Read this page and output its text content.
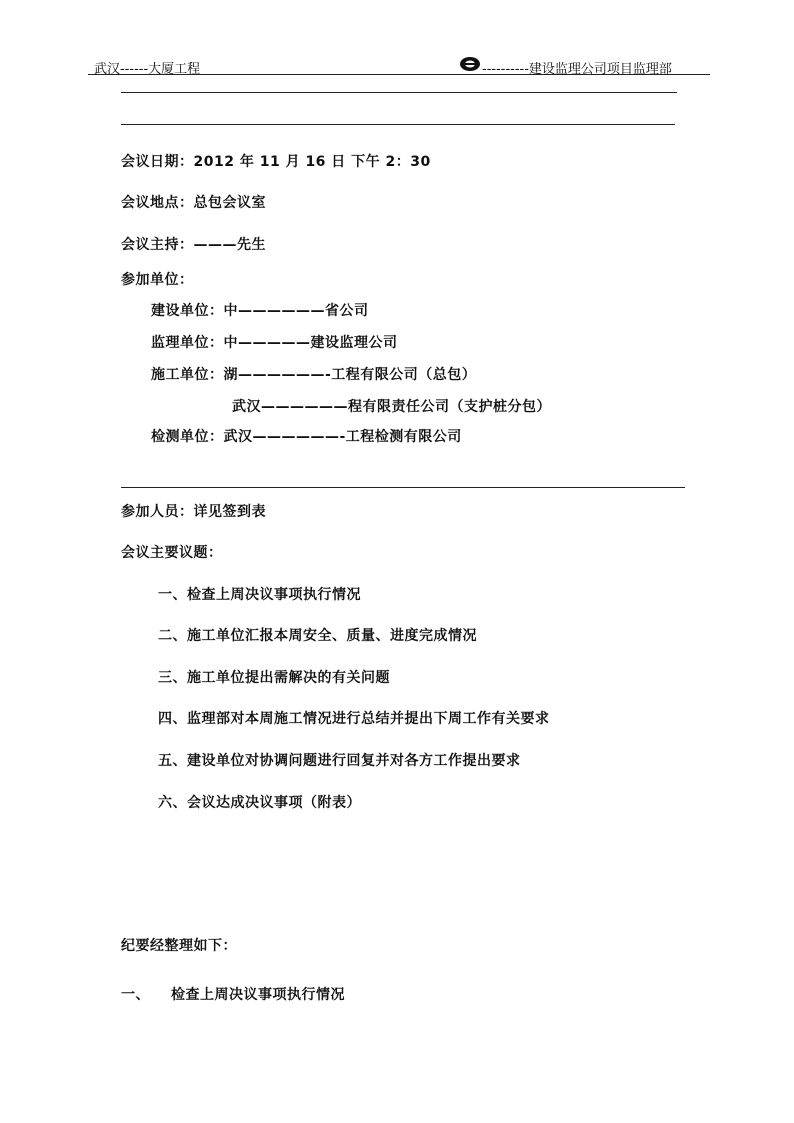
武汉------大厦工程	----------建设监理公司项目监理部
会议日期：2012 年 11 月 16 日 下午 2：30
会议地点：总包会议室
会议主持：———先生
参加单位：
建设单位：中——————省公司
监理单位：中—————建设监理公司
施工单位：湖——————-工程有限公司（总包）
武汉——————程有限责任公司（支护桩分包）
检测单位：武汉——————-工程检测有限公司
参加人员：详见签到表
会议主要议题：
一、检查上周决议事项执行情况
二、施工单位汇报本周安全、质量、进度完成情况
三、施工单位提出需解决的有关问题
四、监理部对本周施工情况进行总结并提出下周工作有关要求
五、建设单位对协调问题进行回复并对各方工作提出要求
六、会议达成决议事项（附表）
纪要经整理如下：
一、 检查上周决议事项执行情况
